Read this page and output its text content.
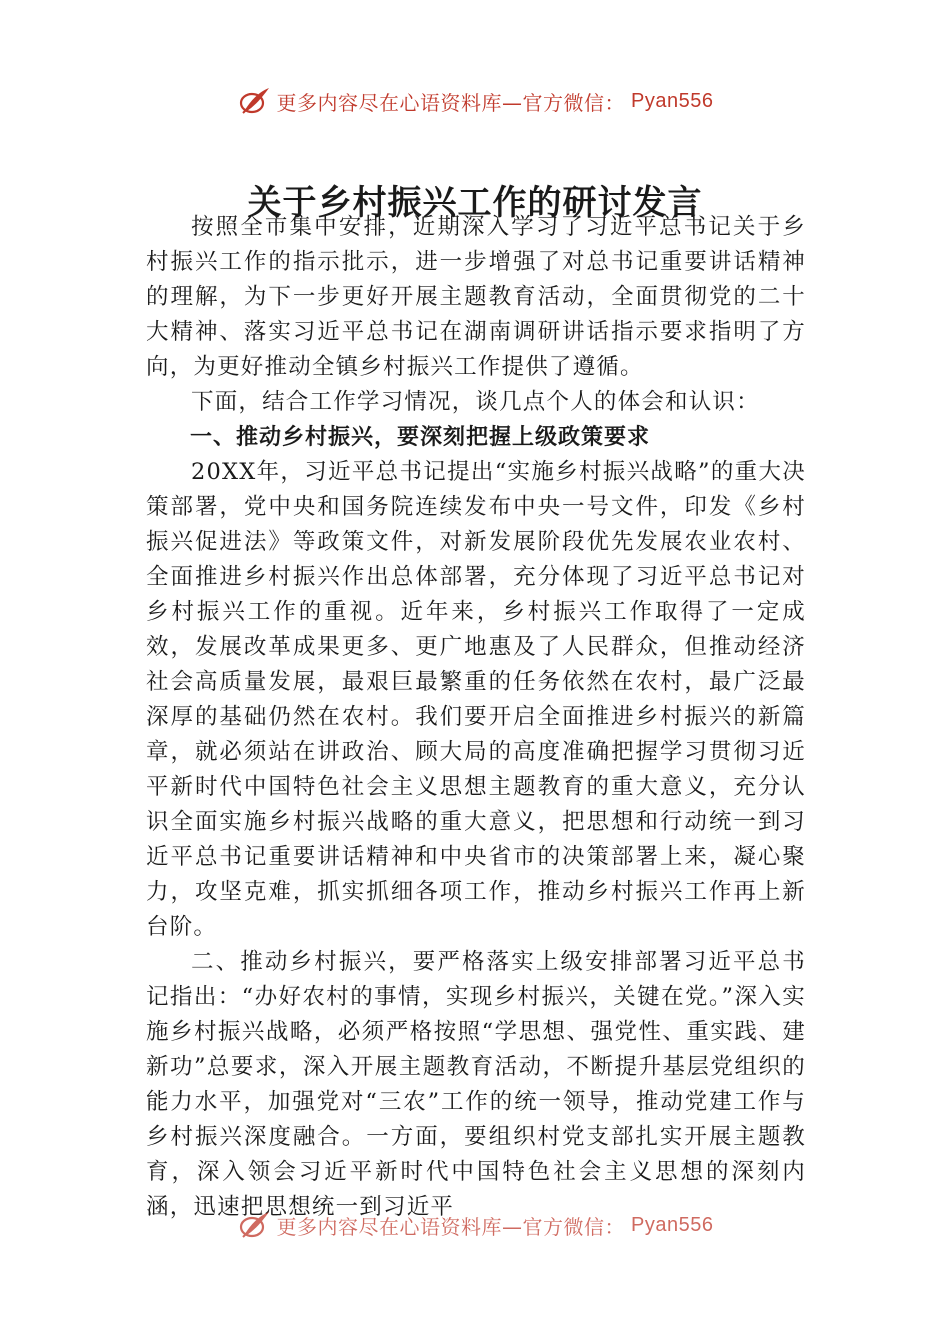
更多内容尽在心语资料库—官方微信： Pyan556
关于乡村振兴工作的研讨发言

按照全市集中安排，近期深入学习了习近平总书记关于乡村振兴工作的指示批示，进一步增强了对总书记重要讲话精神的理解，为下一步更好开展主题教育活动，全面贯彻党的二十大精神、落实习近平总书记在湖南调研讲话指示要求指明了方向，为更好推动全镇乡村振兴工作提供了遵循。

下面，结合工作学习情况，谈几点个人的体会和认识：

一、推动乡村振兴，要深刻把握上级政策要求

20XX年，习近平总书记提出“实施乡村振兴战略”的重大决策部署，党中央和国务院连续发布中央一号文件，印发《乡村振兴促进法》等政策文件，对新发展阶段优先发展农业农村、全面推进乡村振兴作出总体部署，充分体现了习近平总书记对乡村振兴工作的重视。近年来，乡村振兴工作取得了一定成效，发展改革成果更多、更广地惠及了人民群众，但推动经济社会高质量发展，最艰巨最繁重的任务依然在农村，最广泛最深厚的基础仍然在农村。我们要开启全面推进乡村振兴的新篇章，就必须站在讲政治、顾大局的高度准确把握学习贯彻习近平新时代中国特色社会主义思想主题教育的重大意义，充分认识全面实施乡村振兴战略的重大意义，把思想和行动统一到习近平总书记重要讲话精神和中央省市的决策部署上来，凝心聚力，攻坚克难，抓实抓细各项工作，推动乡村振兴工作再上新台阶。

二、推动乡村振兴，要严格落实上级安排部署习近平总书记指出：“办好农村的事情，实现乡村振兴，关键在党。”深入实施乡村振兴战略，必须严格按照“学思想、强党性、重实践、建新功”总要求，深入开展主题教育活动，不断提升基层党组织的能力水平，加强党对“三农”工作的统一领导，推动党建工作与乡村振兴深度融合。一方面，要组织村党支部扎实开展主题教育，深入领会习近平新时代中国特色社会主义思想的深刻内涵，迅速把思想统一到习近平

更多内容尽在心语资料库—官方微信： Pyan556
